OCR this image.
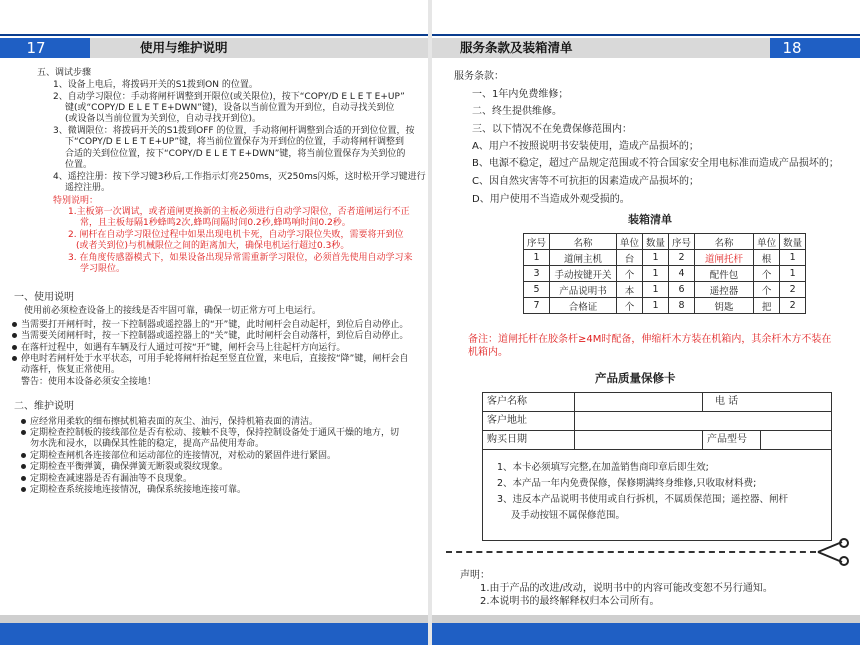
17	使用与维护说明
五、调试步骤
1、设备上电后，将拨码开关的S1拨到ON 的位置。
2、自动学习限位：手动将闸杆调整到开限位(或关限位)，按下“COPY/D E L E T E+UP”
键(或“COPY/D E L E T E+DWN”键)，设备以当前位置为开到位，自动寻找关到位
(或设备以当前位置为关到位，自动寻找开到位)。
3、微调限位：将拨码开关的S1拨到OFF 的位置，手动将闸杆调整到合适的开到位位置，按
下“COPY/D E L E T E+UP”键，将当前位置保存为开到位的位置，手动将闸杆调整到
合适的关到位位置，按下“COPY/D E L E T E+DWN”键，将当前位置保存为关到位的
位置。
4、遥控注册：按下学习键3秒后,工作指示灯亮250ms，灭250ms闪烁，这时松开学习键进行
遥控注册。
特别说明：
1.主板第一次调试，或者道闸更换新的主板必须进行自动学习限位，否者道闸运行不正
常，且主板每隔1秒蜂鸣2次,蜂鸣间隔时间0.2秒,蜂鸣响时间0.2秒。
2. 闸杆在自动学习限位过程中如果出现电机卡死，自动学习限位失败，需要将开到位
(或者关到位)与机械限位之间的距离加大，确保电机运行超过0.3秒。
3. 在角度传感器模式下，如果设备出现异常需重新学习限位，必须首先使用自动学习来
学习限位。
一、使用说明
使用前必须检查设备上的接线是否牢固可靠，确保一切正常方可上电运行。
当需要打开闸杆时，按一下控制器或遥控器上的“开”键，此时闸杆会自动起杆，到位后自动停止。
当需要关闭闸杆时，按一下控制器或遥控器上的“关”键，此时闸杆会自动落杆，到位后自动停止。
在落杆过程中，如遇有车辆及行人通过可按“开”键，闸杆会马上往起杆方向运行。
停电时若闸杆处于水平状态，可用手轮将闸杆抬起至竖直位置，来电后，直接按“降”键，闸杆会自
动落杆，恢复正常使用。
警告：使用本设备必须安全接地！
二、维护说明
应经常用柔软的细布擦拭机箱表面的灰尘、油污，保持机箱表面的清洁。
定期检查控制板的接线部位是否有松动、接触不良等，保持控制设备处于通风干燥的地方，切
勿水洗和浸水，以确保其性能的稳定，提高产品使用寿命。
定期检查闸机各连接部位和运动部位的连接情况，对松动的紧固件进行紧固。
定期检查平衡弹簧，确保弹簧无断裂或裂纹现象。
定期检查减速器是否有漏油等不良现象。
定期检查系统接地连接情况，确保系统接地连接可靠。
服务条款及装箱清单	18
服务条款：
一、1年内免费维修；
二、终生提供维修。
三、以下情况不在免费保修范围内：
A、用户不按照说明书安装使用，造成产品损坏的；
B、电源不稳定，超过产品规定范围或不符合国家安全用电标准而造成产品损坏的；
C、因自然灾害等不可抗拒的因素造成产品损坏的；
D、用户使用不当造成外观受损的。
装箱清单
序号	名称	单位	数量	序号	名称	单位	数量
1	道闸主机	台	1	2	道闸托杆	根	1
3	手动按键开关	个	1	4	配件包	个	1
5	产品说明书	本	1	6	遥控器	个	2
7	合格证	个	1	8	钥匙	把	2
备注：道闸托杆在胶条杆≥4M时配备，伸缩杆木方装在机箱内，其余杆木方不装在
机箱内。
产品质量保修卡
客户名称	电 话
客户地址
购买日期	产品型号
1、本卡必须填写完整,在加盖销售商印章后即生效;
2、本产品一年内免费保修，保修期满终身维修,只收取材料费;
3、违反本产品说明书使用或自行拆机，不属质保范围；遥控器、闸杆
及手动按钮不属保修范围。
声明：
1.由于产品的改进/改动，说明书中的内容可能改变恕不另行通知。
2.本说明书的最终解释权归本公司所有。
